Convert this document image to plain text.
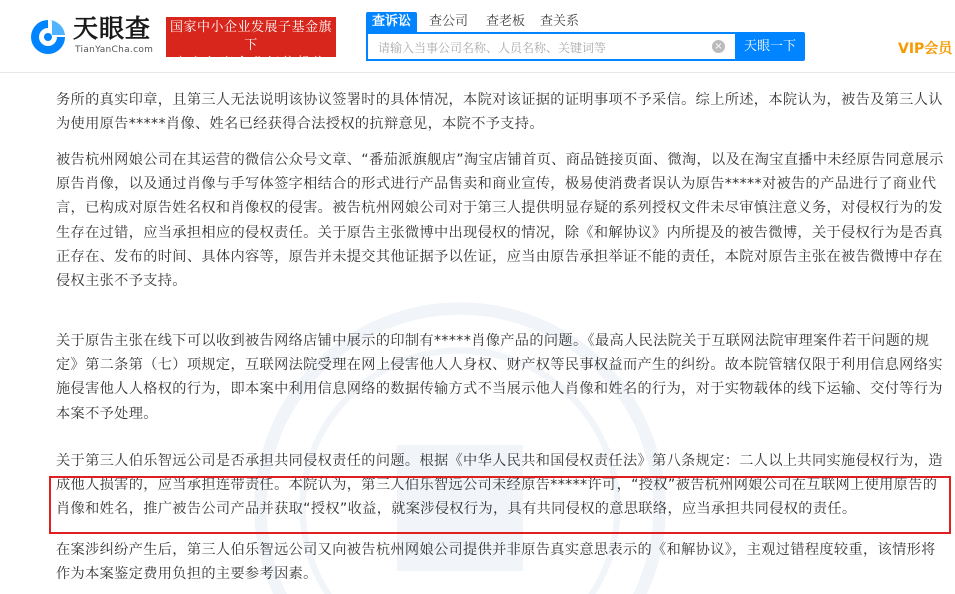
天眼查
TianYanCha.com
国家中小企业发展子基金旗下
官方备案企业征信机构
查诉讼	查公司 查老板 查关系
请输入当事公司名称、人员名称、关键词等
×	天眼一下	VIP会员

务所的真实印章，且第三人无法说明该协议签署时的具体情况，本院对该证据的证明事项不予采信。综上所述，本院认为，被告及第三人认为使用原告*****肖像、姓名已经获得合法授权的抗辩意见，本院不予支持。

被告杭州网娘公司在其运营的微信公众号文章、“番茄派旗舰店”淘宝店铺首页、商品链接页面、微淘，以及在淘宝直播中未经原告同意展示原告肖像，以及通过肖像与手写体签字相结合的形式进行产品售卖和商业宣传，极易使消费者误认为原告*****对被告的产品进行了商业代言，已构成对原告姓名权和肖像权的侵害。被告杭州网娘公司对于第三人提供明显存疑的系列授权文件未尽审慎注意义务，对侵权行为的发生存在过错，应当承担相应的侵权责任。关于原告主张微博中出现侵权的情况，除《和解协议》内所提及的被告微博，关于侵权行为是否真正存在、发布的时间、具体内容等，原告并未提交其他证据予以佐证，应当由原告承担举证不能的责任，本院对原告主张在被告微博中存在侵权主张不予支持。

关于原告主张在线下可以收到被告网络店铺中展示的印制有*****肖像产品的问题。《最高人民法院关于互联网法院审理案件若干问题的规定》第二条第（七）项规定，互联网法院受理在网上侵害他人人身权、财产权等民事权益而产生的纠纷。故本院管辖仅限于利用信息网络实施侵害他人人格权的行为，即本案中利用信息网络的数据传输方式不当展示他人肖像和姓名的行为，对于实物载体的线下运输、交付等行为本案不予处理。

关于第三人伯乐智远公司是否承担共同侵权责任的问题。根据《中华人民共和国侵权责任法》第八条规定：二人以上共同实施侵权行为，造成他人损害的，应当承担连带责任。本院认为，第三人伯乐智远公司未经原告*****许可，“授权”被告杭州网娘公司在互联网上使用原告的肖像和姓名，推广被告公司产品并获取“授权”收益，就案涉侵权行为，具有共同侵权的意思联络，应当承担共同侵权的责任。

在案涉纠纷产生后，第三人伯乐智远公司又向被告杭州网娘公司提供并非原告真实意思表示的《和解协议》，主观过错程度较重，该情形将作为本案鉴定费用负担的主要参考因素。
